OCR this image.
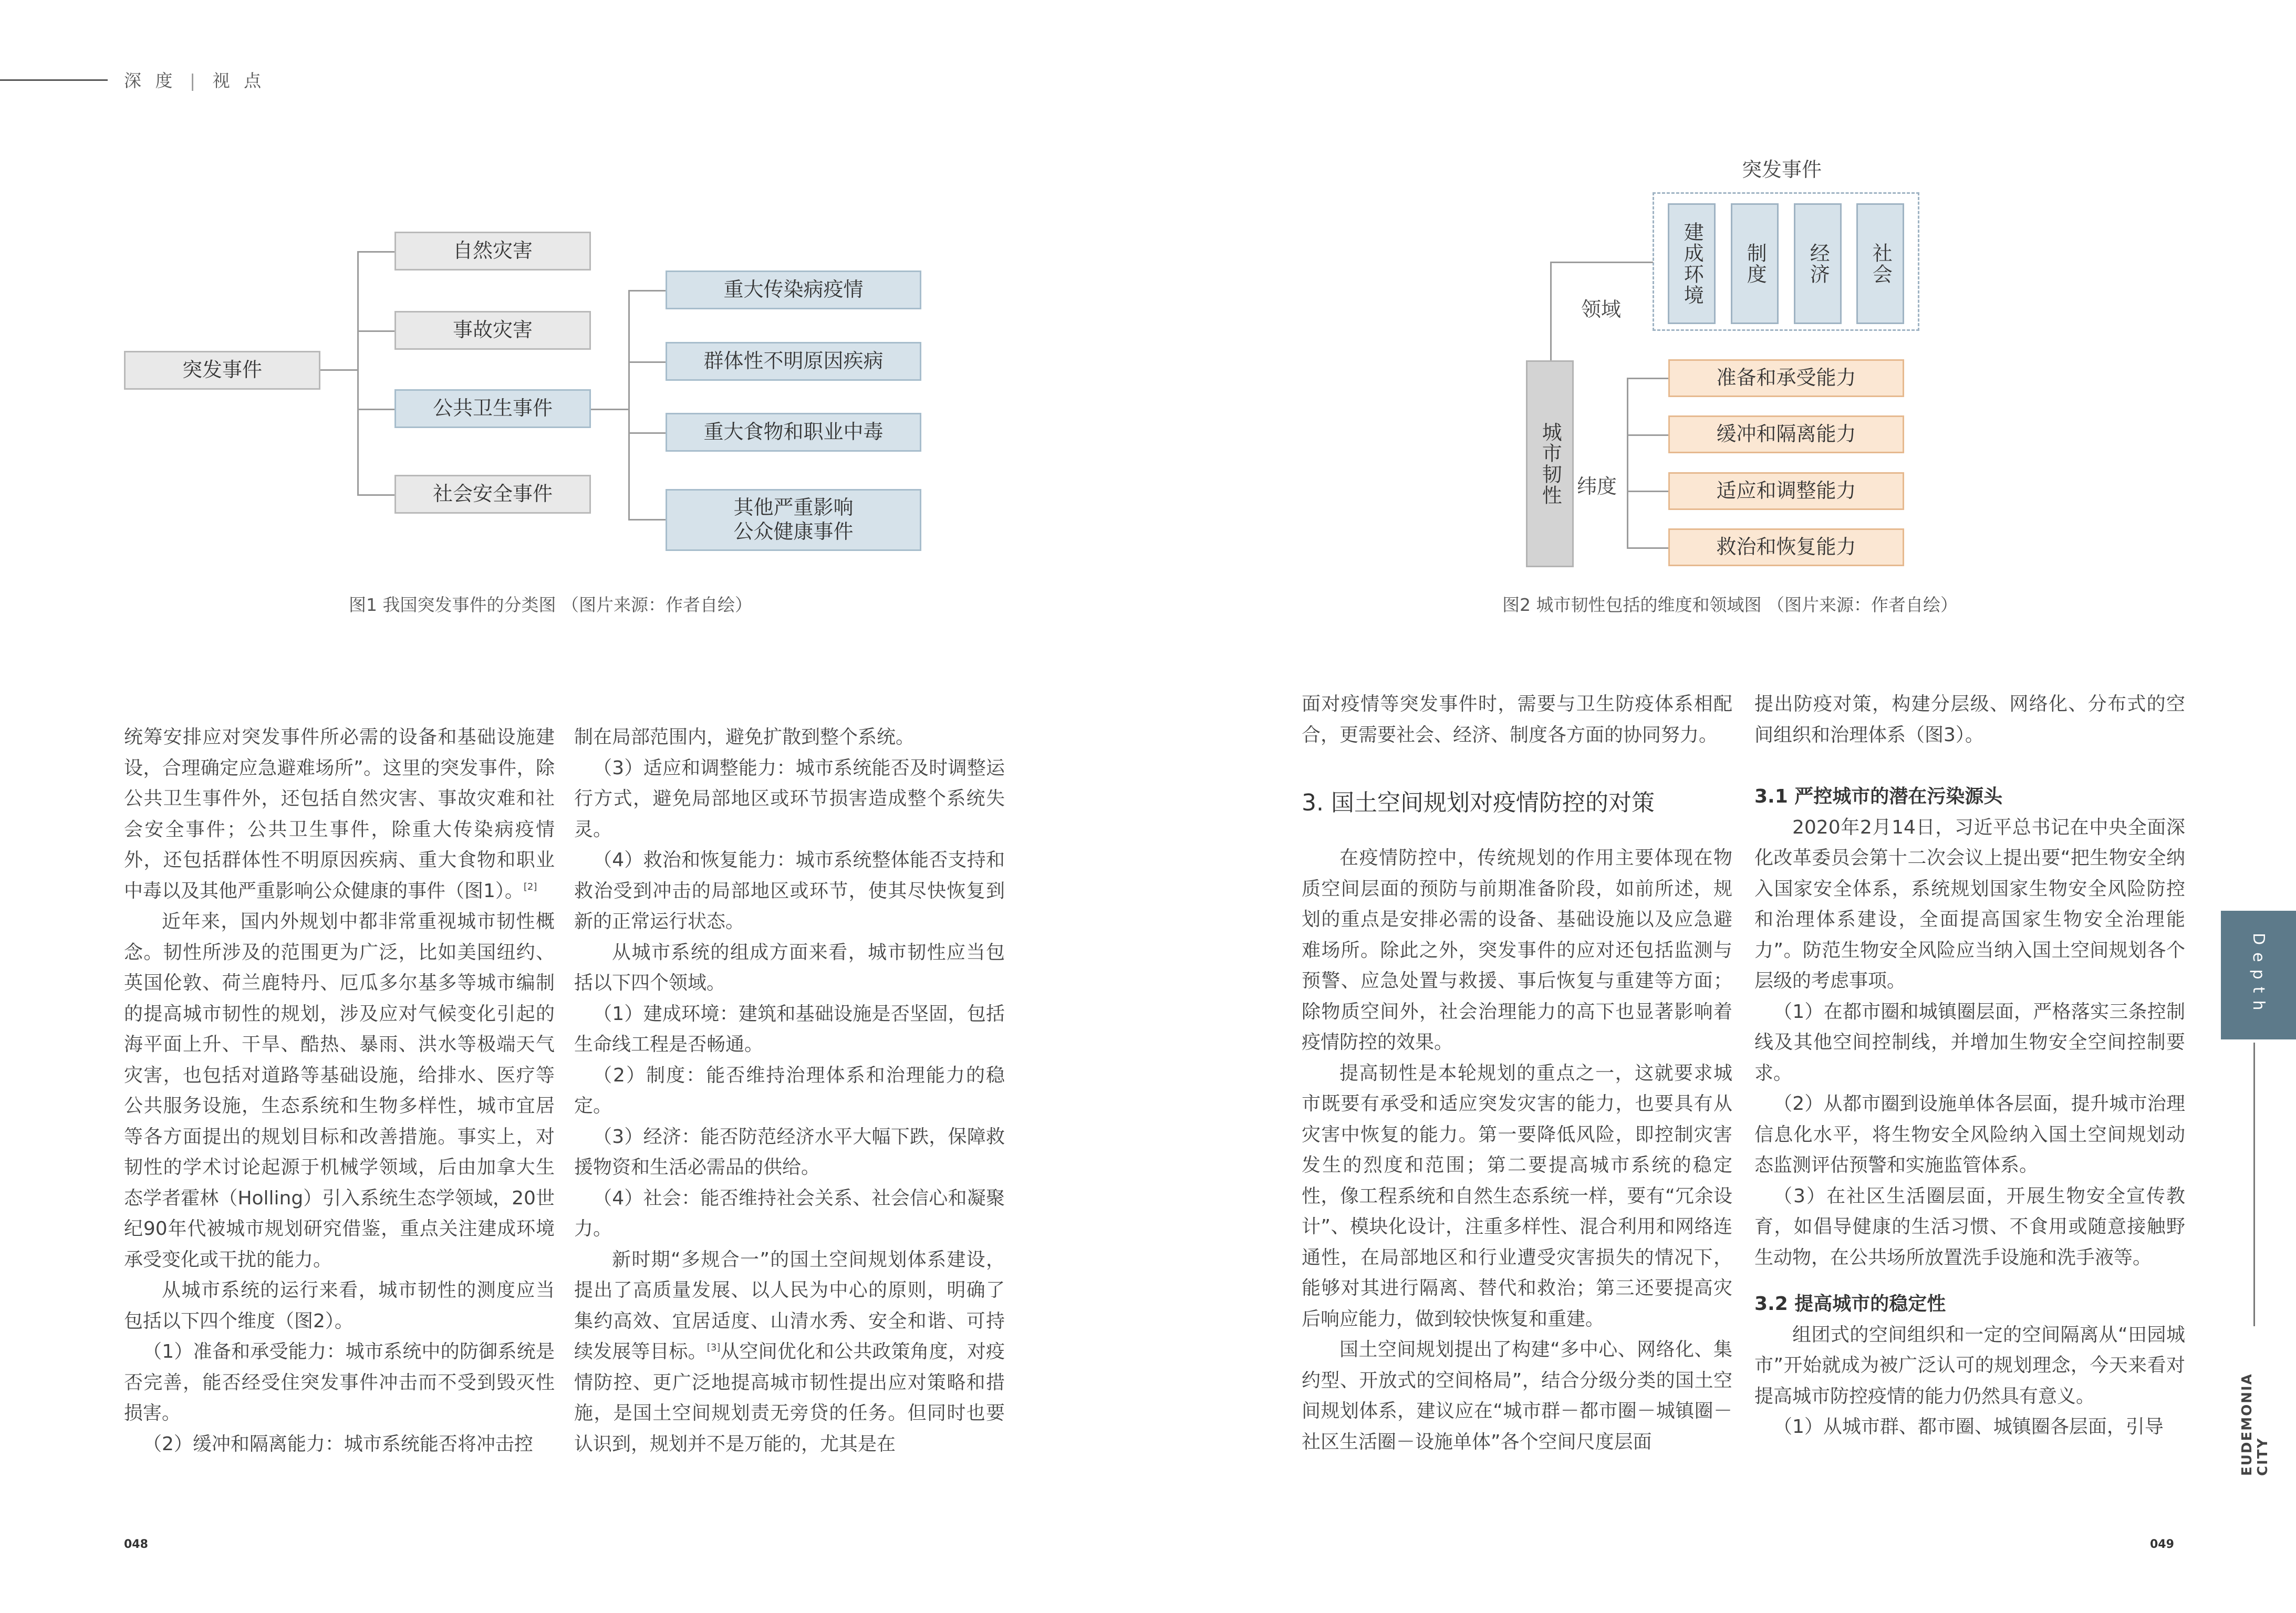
深 度 | 视 点
突发事件
自然灾害
事故灾害
公共卫生事件
社会安全事件
重大传染病疫情
群体性不明原因疾病
重大食物和职业中毒
其他严重影响
公众健康事件
图1 我国突发事件的分类图 （图片来源：作者自绘）
突发事件
建成环境	制度	经济	社会
领域
城市韧性 纬度
准备和承受能力
缓冲和隔离能力
适应和调整能力
救治和恢复能力
图2 城市韧性包括的维度和领域图 （图片来源：作者自绘）

统筹安排应对突发事件所必需的设备和基础设施建设，合理确定应急避难场所”。这里的突发事件，除公共卫生事件外，还包括自然灾害、事故灾难和社会安全事件；公共卫生事件，除重大传染病疫情外，还包括群体性不明原因疾病、重大食物和职业中毒以及其他严重影响公众健康的事件（图1）。[2]

近年来，国内外规划中都非常重视城市韧性概念。韧性所涉及的范围更为广泛，比如美国纽约、英国伦敦、荷兰鹿特丹、厄瓜多尔基多等城市编制的提高城市韧性的规划，涉及应对气候变化引起的海平面上升、干旱、酷热、暴雨、洪水等极端天气灾害，也包括对道路等基础设施，给排水、医疗等公共服务设施，生态系统和生物多样性，城市宜居等各方面提出的规划目标和改善措施。事实上，对韧性的学术讨论起源于机械学领域，后由加拿大生态学者霍林（Holling）引入系统生态学领域，20世纪90年代被城市规划研究借鉴，重点关注建成环境承受变化或干扰的能力。

从城市系统的运行来看，城市韧性的测度应当包括以下四个维度（图2）。

（1）准备和承受能力：城市系统中的防御系统是否完善，能否经受住突发事件冲击而不受到毁灭性损害。

（2）缓冲和隔离能力：城市系统能否将冲击控

制在局部范围内，避免扩散到整个系统。

（3）适应和调整能力：城市系统能否及时调整运行方式，避免局部地区或环节损害造成整个系统失灵。

（4）救治和恢复能力：城市系统整体能否支持和救治受到冲击的局部地区或环节，使其尽快恢复到新的正常运行状态。

从城市系统的组成方面来看，城市韧性应当包括以下四个领域。

（1）建成环境：建筑和基础设施是否坚固，包括生命线工程是否畅通。

（2）制度：能否维持治理体系和治理能力的稳定。

（3）经济：能否防范经济水平大幅下跌，保障救援物资和生活必需品的供给。

（4）社会：能否维持社会关系、社会信心和凝聚力。

新时期“多规合一”的国土空间规划体系建设，提出了高质量发展、以人民为中心的原则，明确了集约高效、宜居适度、山清水秀、安全和谐、可持续发展等目标。[3]从空间优化和公共政策角度，对疫情防控、更广泛地提高城市韧性提出应对策略和措施，是国土空间规划责无旁贷的任务。但同时也要认识到，规划并不是万能的，尤其是在

面对疫情等突发事件时，需要与卫生防疫体系相配合，更需要社会、经济、制度各方面的协同努力。

3. 国土空间规划对疫情防控的对策

在疫情防控中，传统规划的作用主要体现在物质空间层面的预防与前期准备阶段，如前所述，规划的重点是安排必需的设备、基础设施以及应急避难场所。除此之外，突发事件的应对还包括监测与预警、应急处置与救援、事后恢复与重建等方面；除物质空间外，社会治理能力的高下也显著影响着疫情防控的效果。

提高韧性是本轮规划的重点之一，这就要求城市既要有承受和适应突发灾害的能力，也要具有从灾害中恢复的能力。第一要降低风险，即控制灾害发生的烈度和范围；第二要提高城市系统的稳定性，像工程系统和自然生态系统一样，要有“冗余设计”、模块化设计，注重多样性、混合利用和网络连通性，在局部地区和行业遭受灾害损失的情况下，能够对其进行隔离、替代和救治；第三还要提高灾后响应能力，做到较快恢复和重建。

国土空间规划提出了构建“多中心、网络化、集约型、开放式的空间格局”，结合分级分类的国土空间规划体系，建议应在“城市群－都市圈－城镇圈－社区生活圈－设施单体”各个空间尺度层面

提出防疫对策，构建分层级、网络化、分布式的空间组织和治理体系（图3）。

3.1 严控城市的潜在污染源头

2020年2月14日，习近平总书记在中央全面深化改革委员会第十二次会议上提出要“把生物安全纳入国家安全体系，系统规划国家生物安全风险防控和治理体系建设，全面提高国家生物安全治理能力”。防范生物安全风险应当纳入国土空间规划各个层级的考虑事项。

（1）在都市圈和城镇圈层面，严格落实三条控制线及其他空间控制线，并增加生物安全空间控制要求。

（2）从都市圈到设施单体各层面，提升城市治理信息化水平，将生物安全风险纳入国土空间规划动态监测评估预警和实施监管体系。

（3）在社区生活圈层面，开展生物安全宣传教育，如倡导健康的生活习惯、不食用或随意接触野生动物，在公共场所放置洗手设施和洗手液等。

3.2 提高城市的稳定性

组团式的空间组织和一定的空间隔离从“田园城市”开始就成为被广泛认可的规划理念，今天来看对提高城市防控疫情的能力仍然具有意义。

（1）从城市群、都市圈、城镇圈各层面，引导

048	049
Depth
EUDEMONIA CITY
